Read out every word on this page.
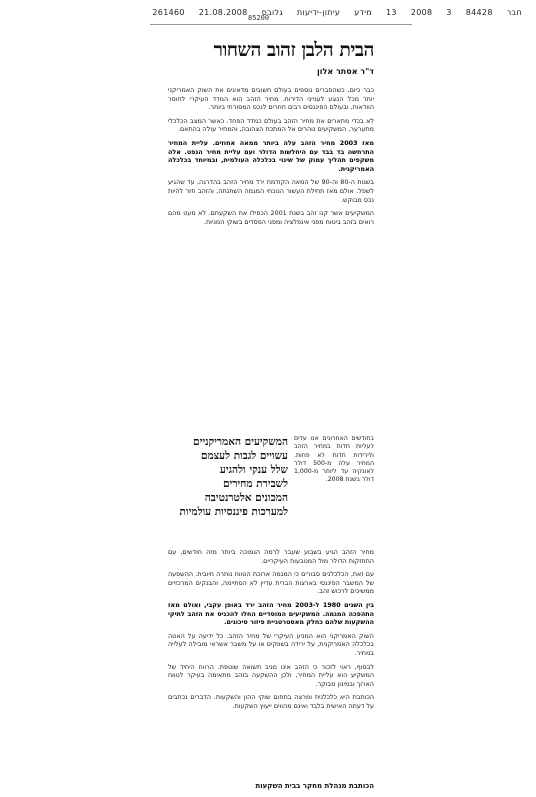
חבר
84428
3
2008
13
מידע
עיתון-ידיעות
גלובס
21.08.2008
261460
85200
הבית הלבן זהוב השחור
ד"ר אסתר אלון

כבר כיום, כשהסברים נוספים בעולם חשובים מדאיגים את השוק האמריקני יותר מכל הנוגע לענייני הדירות. מחיר הזהב הוא המדד העיקרי לחוסר הוודאות, ובעולם הפיננסים רבים חוזרים לנכס המסורתי ביותר.

לא בכדי מתארים את מחיר הזהב בעולם כמדד הפחד. כאשר המצב הכלכלי מתערער, המשקיעים נוהרים אל המתכת הצהובה, והמחיר עולה בהתאם.

מאז 2003 מחיר הזהב עלה ביותר ממאה אחוזים. עליית המחיר התרחשה בד בבד עם היחלשות הדולר ועם עליית מחיר הנפט. אלה משקפים תהליך עמוק של שינוי בכלכלה העולמית, ובמיוחד בכלכלה האמריקנית.

בשנות ה-80 וה-90 של המאה הקודמת ירד מחיר הזהב בהדרגה, עד שהגיע לשפל. אולם מאז תחילת העשור הנוכחי המגמה השתנתה, והזהב חזר להיות נכס מבוקש.

המשקיעים אשר קנו זהב בשנת 2001 הכפילו את השקעתם. לא מעט מהם רואים בזהב ביטוח מפני אינפלציה ומפני הפסדים בשוקי המניות.

המשקיעים האמריקניים
עשויים לגבות לעצמם
שלל ענקי ולהגיע
לשבירת מחירים
המכונים אלטרנטיבה
למערכות פיננסיות עולמיות

בחודשים האחרונים אנו עדים לעליות חדות במחיר הזהב ולירידות חדות לא פחות. המחיר עלה מ-500 דולר לאונקיה עד ליותר מ-1,000 דולר בשנת 2008.

מחיר הזהב הגיע בשבוע שעבר לרמה הנמוכה ביותר מזה חודשים, עם התחזקות הדולר מול המטבעות העיקריים.

עם זאת, הכלכלנים סבורים כי המגמה ארוכת הטווח נותרה חיובית. ההשפעה של המשבר הפיננסי בארצות הברית עדיין לא הסתיימה, והבנקים המרכזיים ממשיכים לרכוש זהב.

בין השנים 1980 ל-2003 מחיר הזהב ירד באופן עקבי, ואולם מאז התהפכה המגמה. המשקיעים המוסדיים החלו להכניס את הזהב לתיקי ההשקעות שלהם כחלק מאסטרטגיית פיזור סיכונים.

השוק האמריקני הוא המניע העיקרי של מחיר הזהב. כל ידיעה על האטה בכלכלה האמריקנית, על ירידה בשווקים או על משבר אשראי מובילה לעלייה במחיר.

לבסוף, ראוי לזכור כי הזהב אינו מניב תשואה שוטפת. הרווח היחיד של המשקיע הוא עליית המחיר, ולכן ההשקעה בזהב מתאימה בעיקר לטווח הארוך ובמינון מבוקר.

הכותבת היא כלכלנית ומרצה בתחום שוקי ההון והשקעות. הדברים נכתבים על דעתה האישית בלבד ואינם מהווים ייעוץ השקעות.

הכותבת מנהלת מחקר בבית השקעות
